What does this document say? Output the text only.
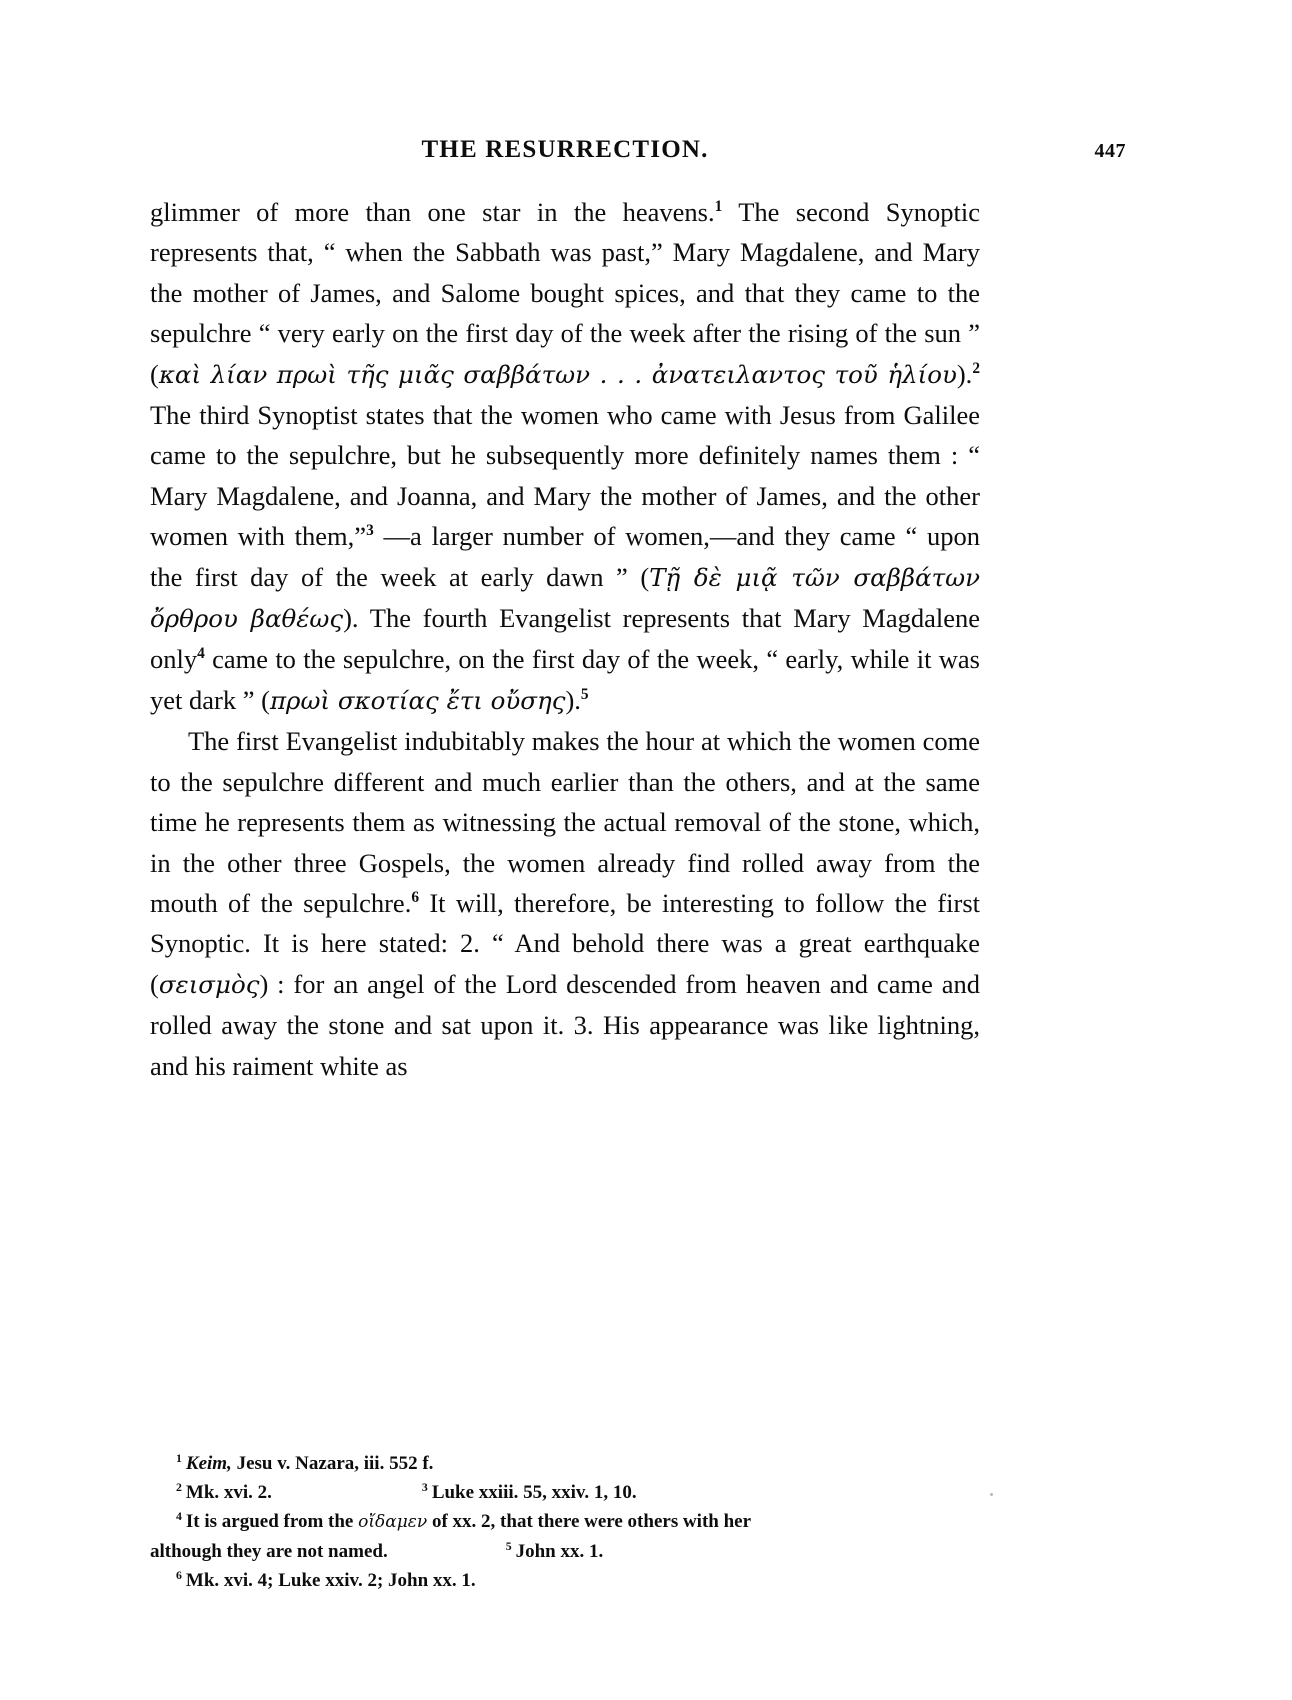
THE RESURRECTION.	447

glimmer of more than one star in the heavens.$^1$ The second Synoptic represents that, “ when the Sabbath was past,” Mary Magdalene, and Mary the mother of James, and Salome bought spices, and that they came to the sepulchre “ very early on the first day of the week after the rising of the sun ” (καὶ λίαν πρωὶ τῆς μιᾶς σαββάτων . . . ἀνατειλαντος τοῦ ἡλίου).$^2$ The third Synoptist states that the women who came with Jesus from Galilee came to the sepulchre, but he subsequently more definitely names them : “ Mary Magdalene, and Joanna, and Mary the mother of James, and the other women with them,”$^3$ —a larger number of women,—and they came “ upon the first day of the week at early dawn ” (Tῇ δὲ μιᾷ τῶν σαββάτων ὄρθρου βαθέως). The fourth Evangelist represents that Mary Magdalene only$^4$ came to the sepulchre, on the first day of the week, “ early, while it was yet dark ” (πρωὶ σκοτίας ἔτι οὔσης).$^5$

The first Evangelist indubitably makes the hour at which the women come to the sepulchre different and much earlier than the others, and at the same time he represents them as witnessing the actual removal of the stone, which, in the other three Gospels, the women already find rolled away from the mouth of the sepulchre.$^6$ It will, therefore, be interesting to follow the first Synoptic. It is here stated: 2. “ And behold there was a great earthquake (σεισμὸς) : for an angel of the Lord descended from heaven and came and rolled away the stone and sat upon it. 3. His appearance was like lightning, and his raiment white as

$^1$ Keim, Jesu v. Nazara, iii. 552 f.
$^2$ Mk. xvi. 2.	$^3$ Luke xxiii. 55, xxiv. 1, 10.
$^4$ It is argued from the οἴδαμεν of xx. 2, that there were others with her
although they are not named.	$^5$ John xx. 1.
$^6$ Mk. xvi. 4; Luke xxiv. 2; John xx. 1.
